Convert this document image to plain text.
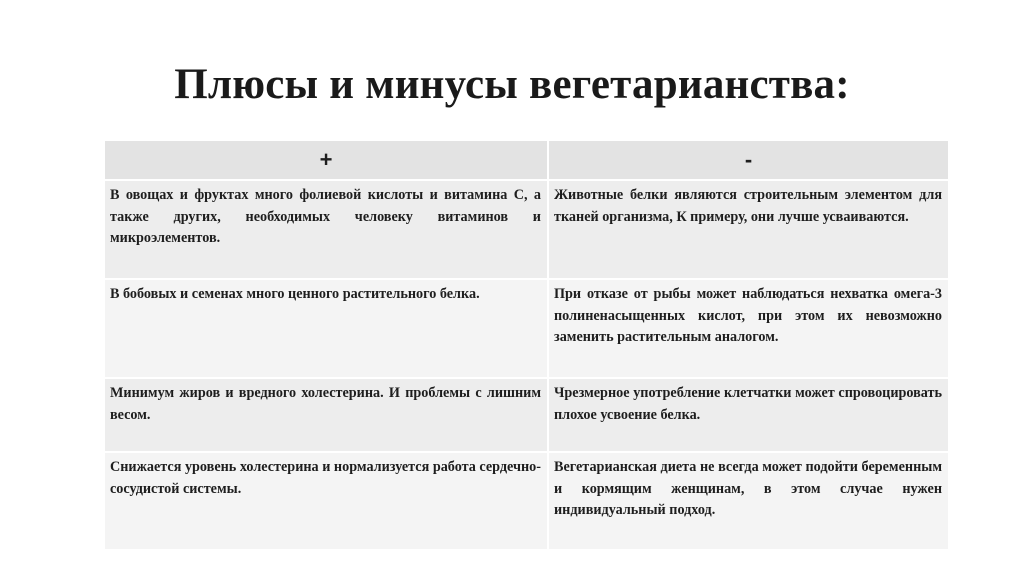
Плюсы и минусы вегетарианства:
+	-
В овощах и фруктах много фолиевой кислоты и витамина С, а также других, необходимых человеку витаминов и микроэлементов.	Животные белки являются строительным элементом для тканей организма, К примеру, они лучше усваиваются.
В бобовых и семенах много ценного растительного белка.	При отказе от рыбы может наблюдаться нехватка омега-3 полиненасыщенных кислот, при этом их невозможно заменить растительным аналогом.
Минимум жиров и вредного холестерина. И проблемы с лишним весом.	Чрезмерное употребление клетчатки может спровоцировать плохое усвоение белка.
Снижается уровень холестерина и нормализуется работа сердечно-сосудистой системы.	Вегетарианская диета не всегда может подойти беременным и кормящим женщинам, в этом случае нужен индивидуальный подход.
